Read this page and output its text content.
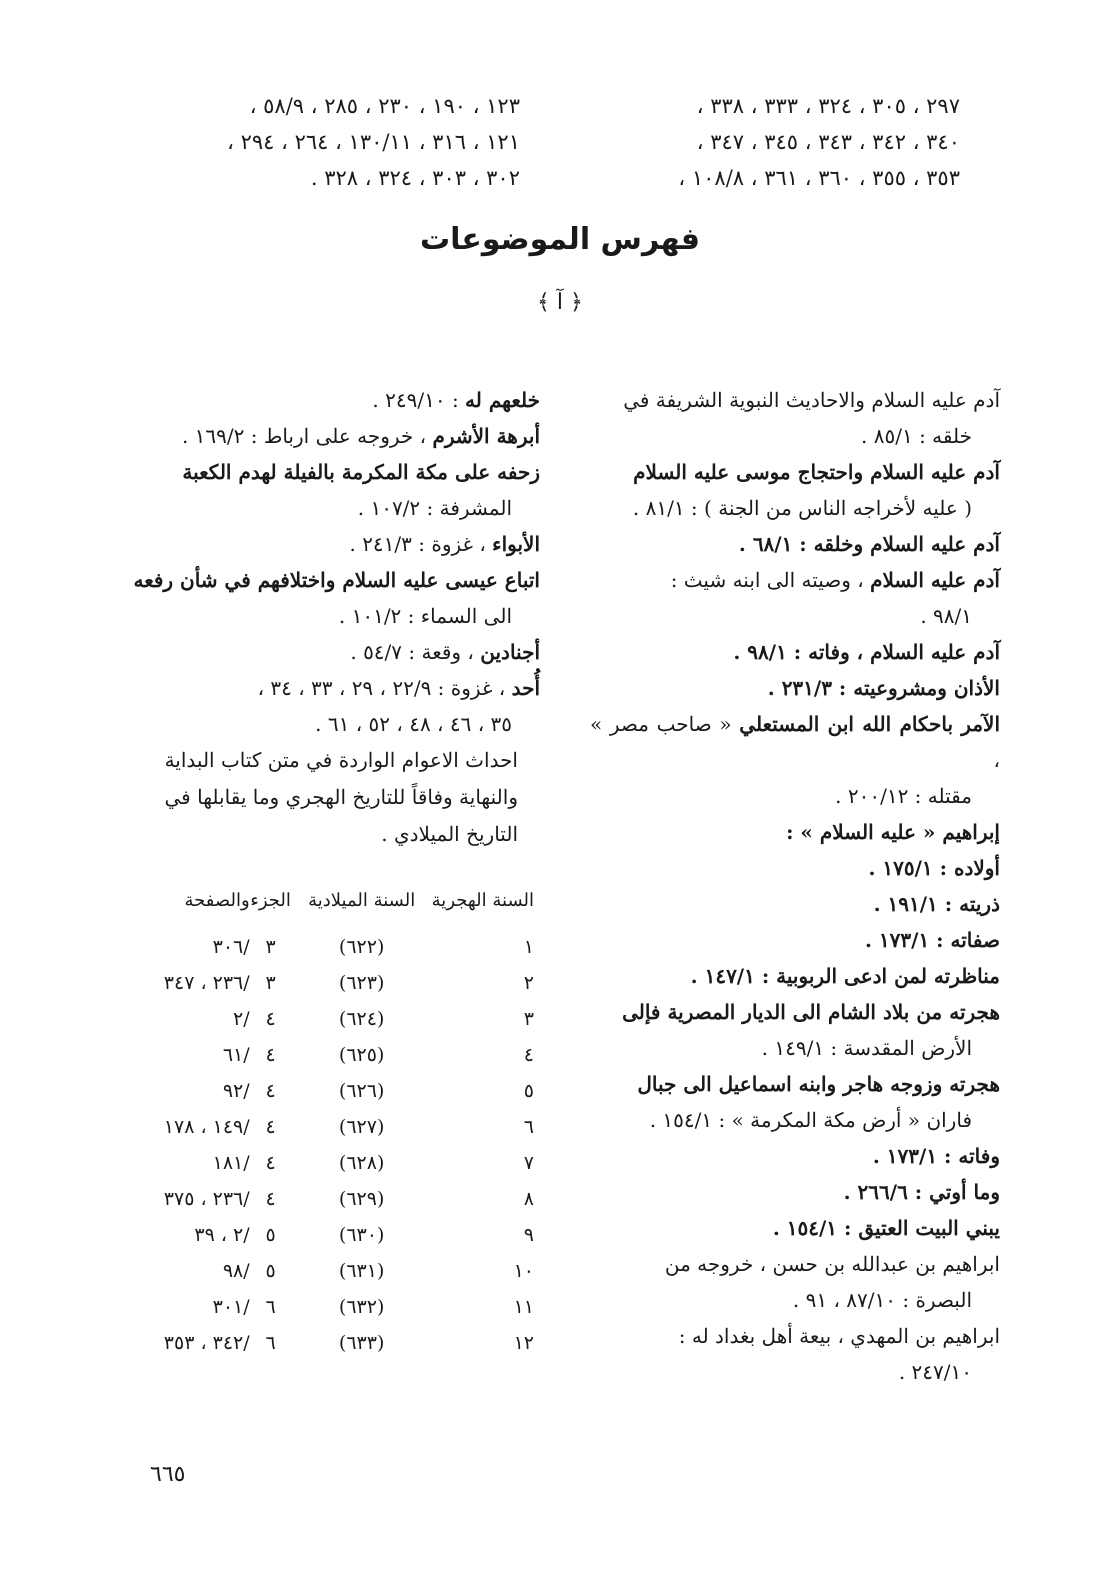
٢٩٧ ، ٣٠٥ ، ٣٢٤ ، ٣٣٣ ، ٣٣٨ ،
٣٤٠ ، ٣٤٢ ، ٣٤٣ ، ٣٤٥ ، ٣٤٧ ،
٣٥٣ ، ٣٥٥ ، ٣٦٠ ، ٣٦١ ، ١٠٨/٨ ،
١٢٣ ، ١٩٠ ، ٢٣٠ ، ٢٨٥ ، ٥٨/٩ ،
١٢١ ، ٣١٦ ، ١٣٠/١١ ، ٢٦٤ ، ٢٩٤ ،
٣٠٢ ، ٣٠٣ ، ٣٢٤ ، ٣٢٨ .
فهرس الموضوعات
﴿ آ ﴾
آدم عليه السلام والاحاديث النبوية الشريفة في
خلقه : ٨٥/١ .
آدم عليه السلام واحتجاج موسى عليه السلام
( عليه لأخراجه الناس من الجنة ) : ٨١/١ .
آدم عليه السلام وخلقه : ٦٨/١ .
آدم عليه السلام ، وصيته الى ابنه شيث :
٩٨/١ .
آدم عليه السلام ، وفاته : ٩٨/١ .
الأذان ومشروعيته : ٢٣١/٣ .
الآمر باحكام الله ابن المستعلي « صاحب مصر » ،
مقتله : ٢٠٠/١٢ .
إبراهيم « عليه السلام » :
أولاده : ١٧٥/١ .
ذريته : ١٩١/١ .
صفاته : ١٧٣/١ .
مناظرته لمن ادعى الربوبية : ١٤٧/١ .
هجرته من بلاد الشام الى الديار المصرية فإلى
الأرض المقدسة : ١٤٩/١ .
هجرته وزوجه هاجر وابنه اسماعيل الى جبال
فاران « أرض مكة المكرمة » : ١٥٤/١ .
وفاته : ١٧٣/١ .
وما أوتي : ٢٦٦/٦ .
يبني البيت العتيق : ١٥٤/١ .
ابراهيم بن عبدالله بن حسن ، خروجه من
البصرة : ٨٧/١٠ ، ٩١ .
ابراهيم بن المهدي ، بيعة أهل بغداد له :
٢٤٧/١٠ .
خلعهم له : ٢٤٩/١٠ .
أبرهة الأشرم ، خروجه على ارباط : ١٦٩/٢ .
زحفه على مكة المكرمة بالفيلة لهدم الكعبة
المشرفة : ١٠٧/٢ .
الأبواء ، غزوة : ٢٤١/٣ .
اتباع عيسى عليه السلام واختلافهم في شأن رفعه
الى السماء : ١٠١/٢ .
أجنادين ، وقعة : ٥٤/٧ .
أُحد ، غزوة : ٢٢/٩ ، ٢٩ ، ٣٣ ، ٣٤ ،
٣٥ ، ٤٦ ، ٤٨ ، ٥٢ ، ٦١ .
احداث الاعوام الواردة في متن كتاب البداية والنهاية وفاقاً للتاريخ الهجري وما يقابلها في التاريخ الميلادي .
السنة الهجرية	السنة الميلادية	الجزء	والصفحة
١	(٦٢٢)	٣	/٣٠٦
٢	(٦٢٣)	٣	/٢٣٦ ، ٣٤٧
٣	(٦٢٤)	٤	/٢
٤	(٦٢٥)	٤	/٦١
٥	(٦٢٦)	٤	/٩٢
٦	(٦٢٧)	٤	/١٤٩ ، ١٧٨
٧	(٦٢٨)	٤	/١٨١
٨	(٦٢٩)	٤	/٢٣٦ ، ٣٧٥
٩	(٦٣٠)	٥	/٢ ، ٣٩
١٠	(٦٣١)	٥	/٩٨
١١	(٦٣٢)	٦	/٣٠١
١٢	(٦٣٣)	٦	/٣٤٢ ، ٣٥٣
٦٦٥
